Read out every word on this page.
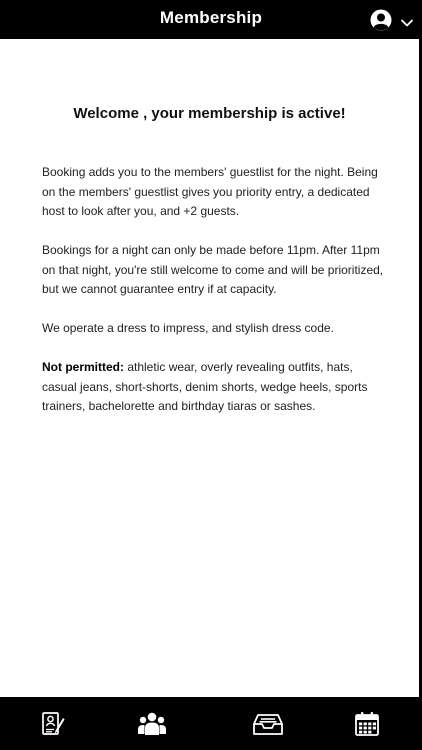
Membership
Welcome , your membership is active!

Booking adds you to the members' guestlist for the night. Being on the members' guestlist gives you priority entry, a dedicated host to look after you, and +2 guests.

Bookings for a night can only be made before 11pm. After 11pm on that night, you're still welcome to come and will be prioritized, but we cannot guarantee entry if at capacity.

We operate a dress to impress, and stylish dress code.

Not permitted: athletic wear, overly revealing outfits, hats, casual jeans, short-shorts, denim shorts, wedge heels, sports trainers, bachelorette and birthday tiaras or sashes.
